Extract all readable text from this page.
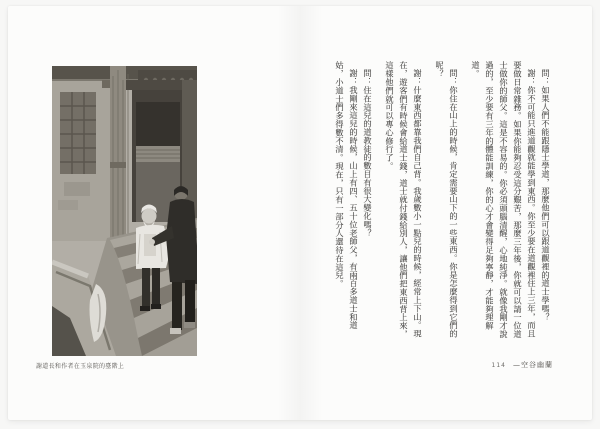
謝道長和作者在玉泉院的臺階上

問：如果人們不能跟隱士學道，那麼他們可以跟道觀裡的道士學嗎？

謝：你不可能只進道觀就能學到東西。你至少要在道觀裡住上三年，而且要做日常雜務。如果你能夠忍受這分艱苦，那麼三年後，你就可以請一位道士做你的師父。這是不容易的。你必須頭腦清醒，心地純淨。就像我剛才說過的，至少要有三年的體能訓練，你的心才會變得足夠寧靜，才能夠理解道。

問：你住在山上的時候，肯定需要山下的一些東西。你是怎麼得到它們的呢？

謝：什麼東西都靠我們自己背。我歲數小一點兒的時候，經常上下山。現在，遊客們有時候會給道士錢，道士就付錢給別人，讓他們把東西背上來，這樣他們就可以專心修行了。

問：住在這兒的道教徒的數目有很大變化嗎？

謝：我剛來這兒的時候，山上有四、五十位老師父，有兩百多道士和道姑，小道士們多得數不清。現在，只有一部分人還待在這兒。

114 —空谷幽蘭
